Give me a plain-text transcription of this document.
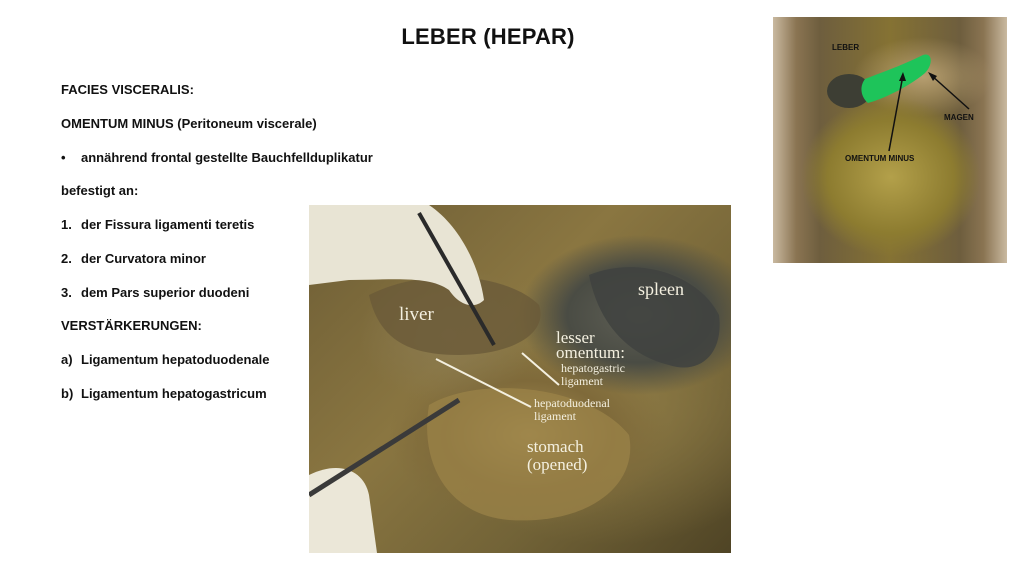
LEBER (HEPAR)
FACIES VISCERALIS:
OMENTUM MINUS (Peritoneum viscerale)
• annährend frontal gestellte Bauchfellduplikatur
befestigt an:
1. der Fissura ligamenti teretis
2. der Curvatora minor
3. dem Pars superior duodeni
VERSTÄRKERUNGEN:
a) Ligamentum hepatoduodenale
b) Ligamentum hepatogastricum
liver
spleen
lesser
omentum:
hepatogastric
ligament
hepatoduodenal
ligament
stomach
(opened)
LEBER
MAGEN
OMENTUM MINUS
